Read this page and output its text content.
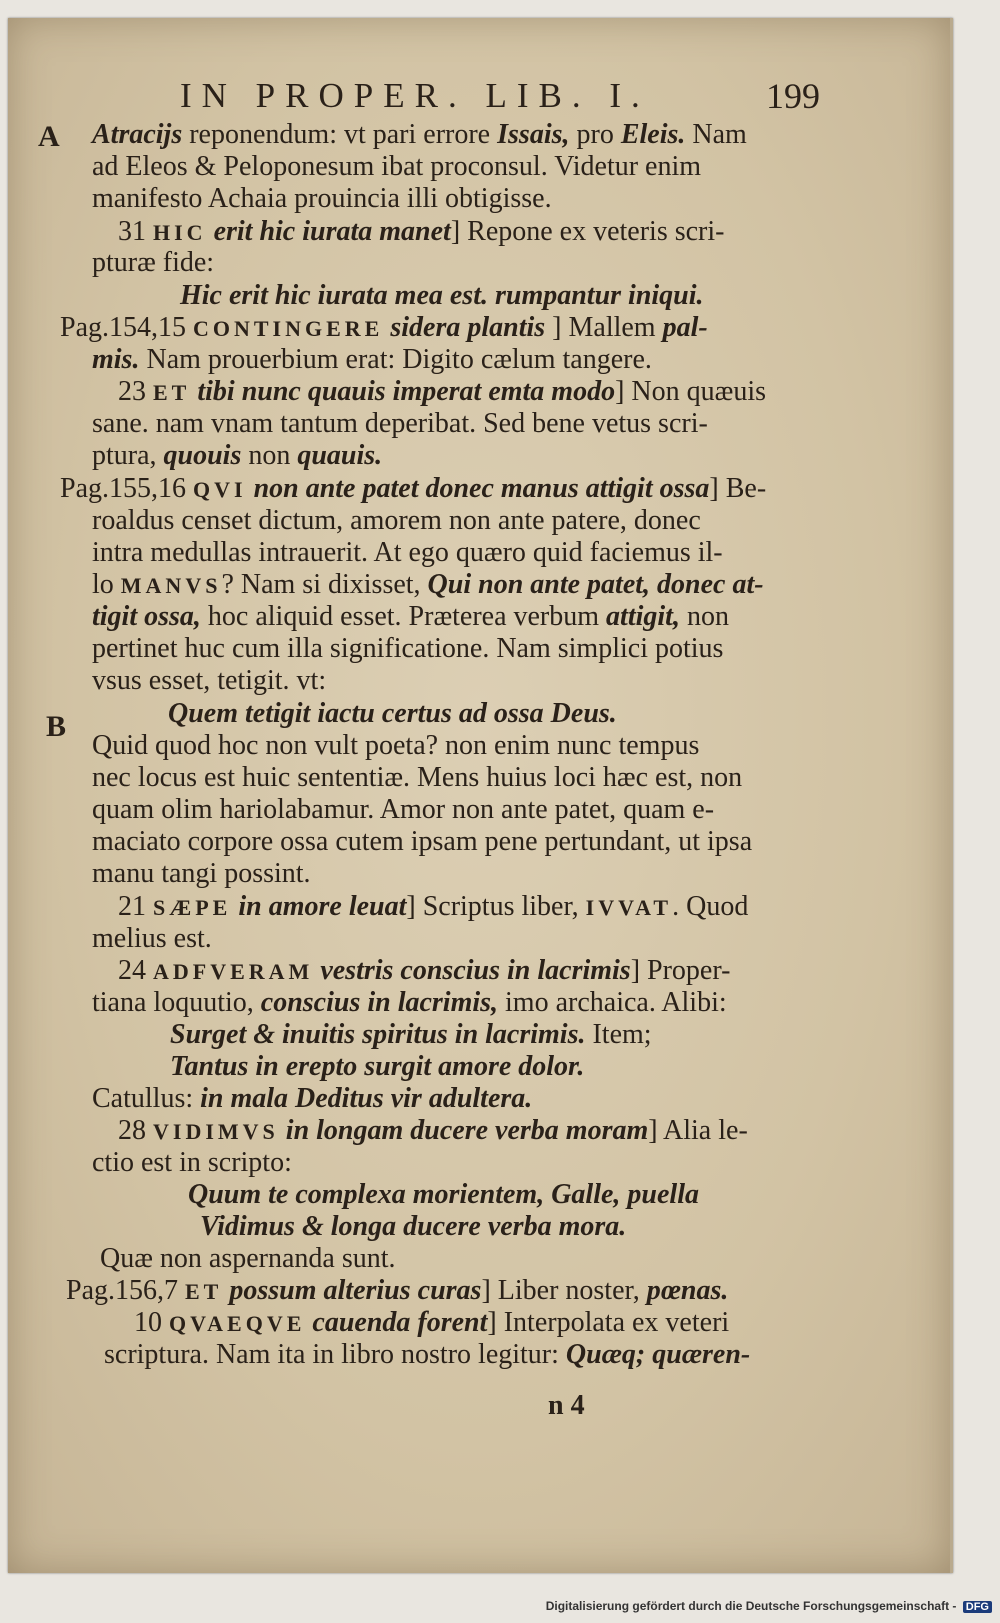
IN PROPER. LIB. I.	199
A
B
Atracijs reponendum: vt pari errore Issais, pro Eleis. Nam
ad Eleos & Peloponesum ibat proconsul. Videtur enim
manifesto Achaia prouincia illi obtigisse.
31 HIC erit hic iurata manet] Repone ex veteris scri-
pturæ fide:
Hic erit hic iurata mea est. rumpantur iniqui.
Pag.154,15 CONTINGERE sidera plantis ] Mallem pal-
mis. Nam prouerbium erat: Digito cælum tangere.
23 ET tibi nunc quauis imperat emta modo] Non quæuis
sane. nam vnam tantum deperibat. Sed bene vetus scri-
ptura, quouis non quauis.
Pag.155,16 QVI non ante patet donec manus attigit ossa] Be-
roaldus censet dictum, amorem non ante patere, donec
intra medullas intrauerit. At ego quæro quid faciemus il-
lo MANVS? Nam si dixisset, Qui non ante patet, donec at-
tigit ossa, hoc aliquid esset. Præterea verbum attigit, non
pertinet huc cum illa significatione. Nam simplici potius
vsus esset, tetigit. vt:
Quem tetigit iactu certus ad ossa Deus.
Quid quod hoc non vult poeta? non enim nunc tempus
nec locus est huic sententiæ. Mens huius loci hæc est, non
quam olim hariolabamur. Amor non ante patet, quam e-
maciato corpore ossa cutem ipsam pene pertundant, ut ipsa
manu tangi possint.
21 SÆPE in amore leuat] Scriptus liber, IVVAT. Quod
melius est.
24 ADFVERAM vestris conscius in lacrimis] Proper-
tiana loquutio, conscius in lacrimis, imo archaica. Alibi:
Surget & inuitis spiritus in lacrimis. Item;
Tantus in erepto surgit amore dolor.
Catullus: in mala Deditus vir adultera.
28 VIDIMVS in longam ducere verba moram] Alia le-
ctio est in scripto:
Quum te complexa morientem, Galle, puella
Vidimus & longa ducere verba mora.
Quæ non aspernanda sunt.
Pag.156,7 ET possum alterius curas] Liber noster, pœnas.
10 QVAEQVE cauenda forent] Interpolata ex veteri
scriptura. Nam ita in libro nostro legitur: Quæq; quæren-
n 4
Digitalisierung gefördert durch die Deutsche Forschungsgemeinschaft - DFG
